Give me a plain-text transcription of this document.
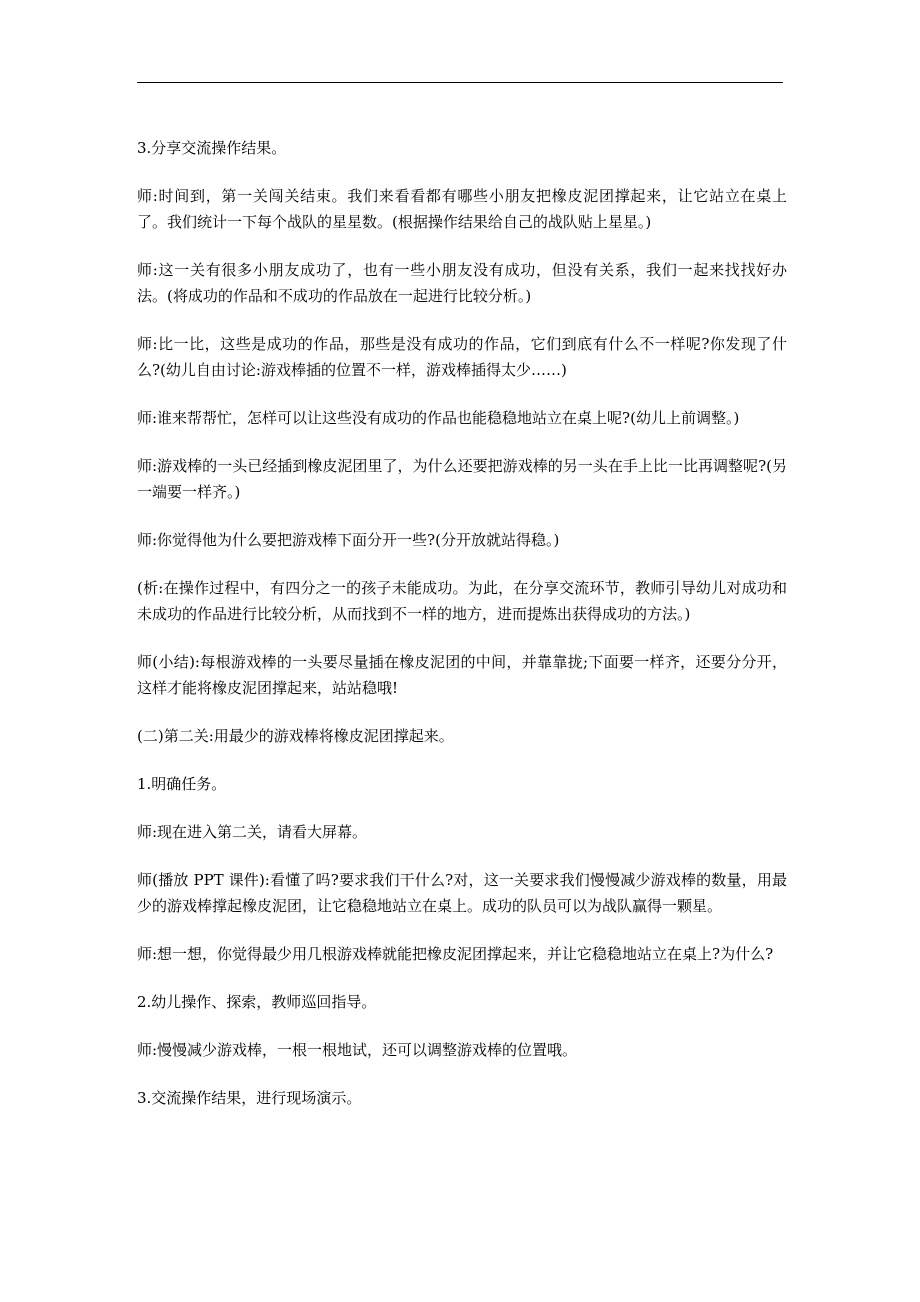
3.分享交流操作结果。

师:时间到，第一关闯关结束。我们来看看都有哪些小朋友把橡皮泥团撑起来，让它站立在桌上了。我们统计一下每个战队的星星数。(根据操作结果给自己的战队贴上星星。)

师:这一关有很多小朋友成功了，也有一些小朋友没有成功，但没有关系，我们一起来找找好办法。(将成功的作品和不成功的作品放在一起进行比较分析。)

师:比一比，这些是成功的作品，那些是没有成功的作品，它们到底有什么不一样呢?你发现了什么?(幼儿自由讨论:游戏棒插的位置不一样，游戏棒插得太少……)

师:谁来帮帮忙，怎样可以让这些没有成功的作品也能稳稳地站立在桌上呢?(幼儿上前调整。)

师:游戏棒的一头已经插到橡皮泥团里了，为什么还要把游戏棒的另一头在手上比一比再调整呢?(另一端要一样齐。)

师:你觉得他为什么要把游戏棒下面分开一些?(分开放就站得稳。)

(析:在操作过程中，有四分之一的孩子未能成功。为此，在分享交流环节，教师引导幼儿对成功和未成功的作品进行比较分析，从而找到不一样的地方，进而提炼出获得成功的方法。)

师(小结):每根游戏棒的一头要尽量插在橡皮泥团的中间，并靠靠拢;下面要一样齐，还要分分开，这样才能将橡皮泥团撑起来，站站稳哦!

(二)第二关:用最少的游戏棒将橡皮泥团撑起来。

1.明确任务。

师:现在进入第二关，请看大屏幕。

师(播放 PPT 课件):看懂了吗?要求我们干什么?对，这一关要求我们慢慢减少游戏棒的数量，用最少的游戏棒撑起橡皮泥团，让它稳稳地站立在桌上。成功的队员可以为战队赢得一颗星。

师:想一想，你觉得最少用几根游戏棒就能把橡皮泥团撑起来，并让它稳稳地站立在桌上?为什么?

2.幼儿操作、探索，教师巡回指导。

师:慢慢减少游戏棒，一根一根地试，还可以调整游戏棒的位置哦。

3.交流操作结果，进行现场演示。
